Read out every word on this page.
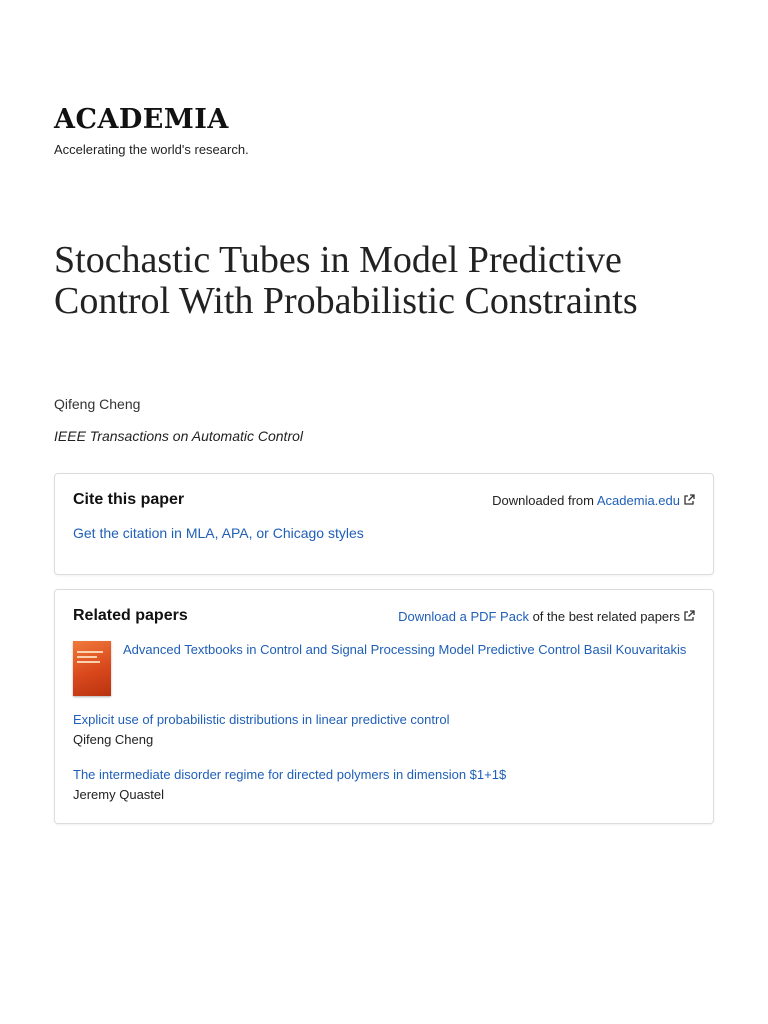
ACADEMIA
Accelerating the world's research.
Stochastic Tubes in Model Predictive Control With Probabilistic Constraints
Qifeng Cheng
IEEE Transactions on Automatic Control
Cite this paper	Downloaded from Academia.edu
Get the citation in MLA, APA, or Chicago styles
Related papers	Download a PDF Pack of the best related papers
Advanced Textbooks in Control and Signal Processing Model Predictive Control Basil Kouvaritakis
Explicit use of probabilistic distributions in linear predictive control
Qifeng Cheng
The intermediate disorder regime for directed polymers in dimension $1+1$
Jeremy Quastel
